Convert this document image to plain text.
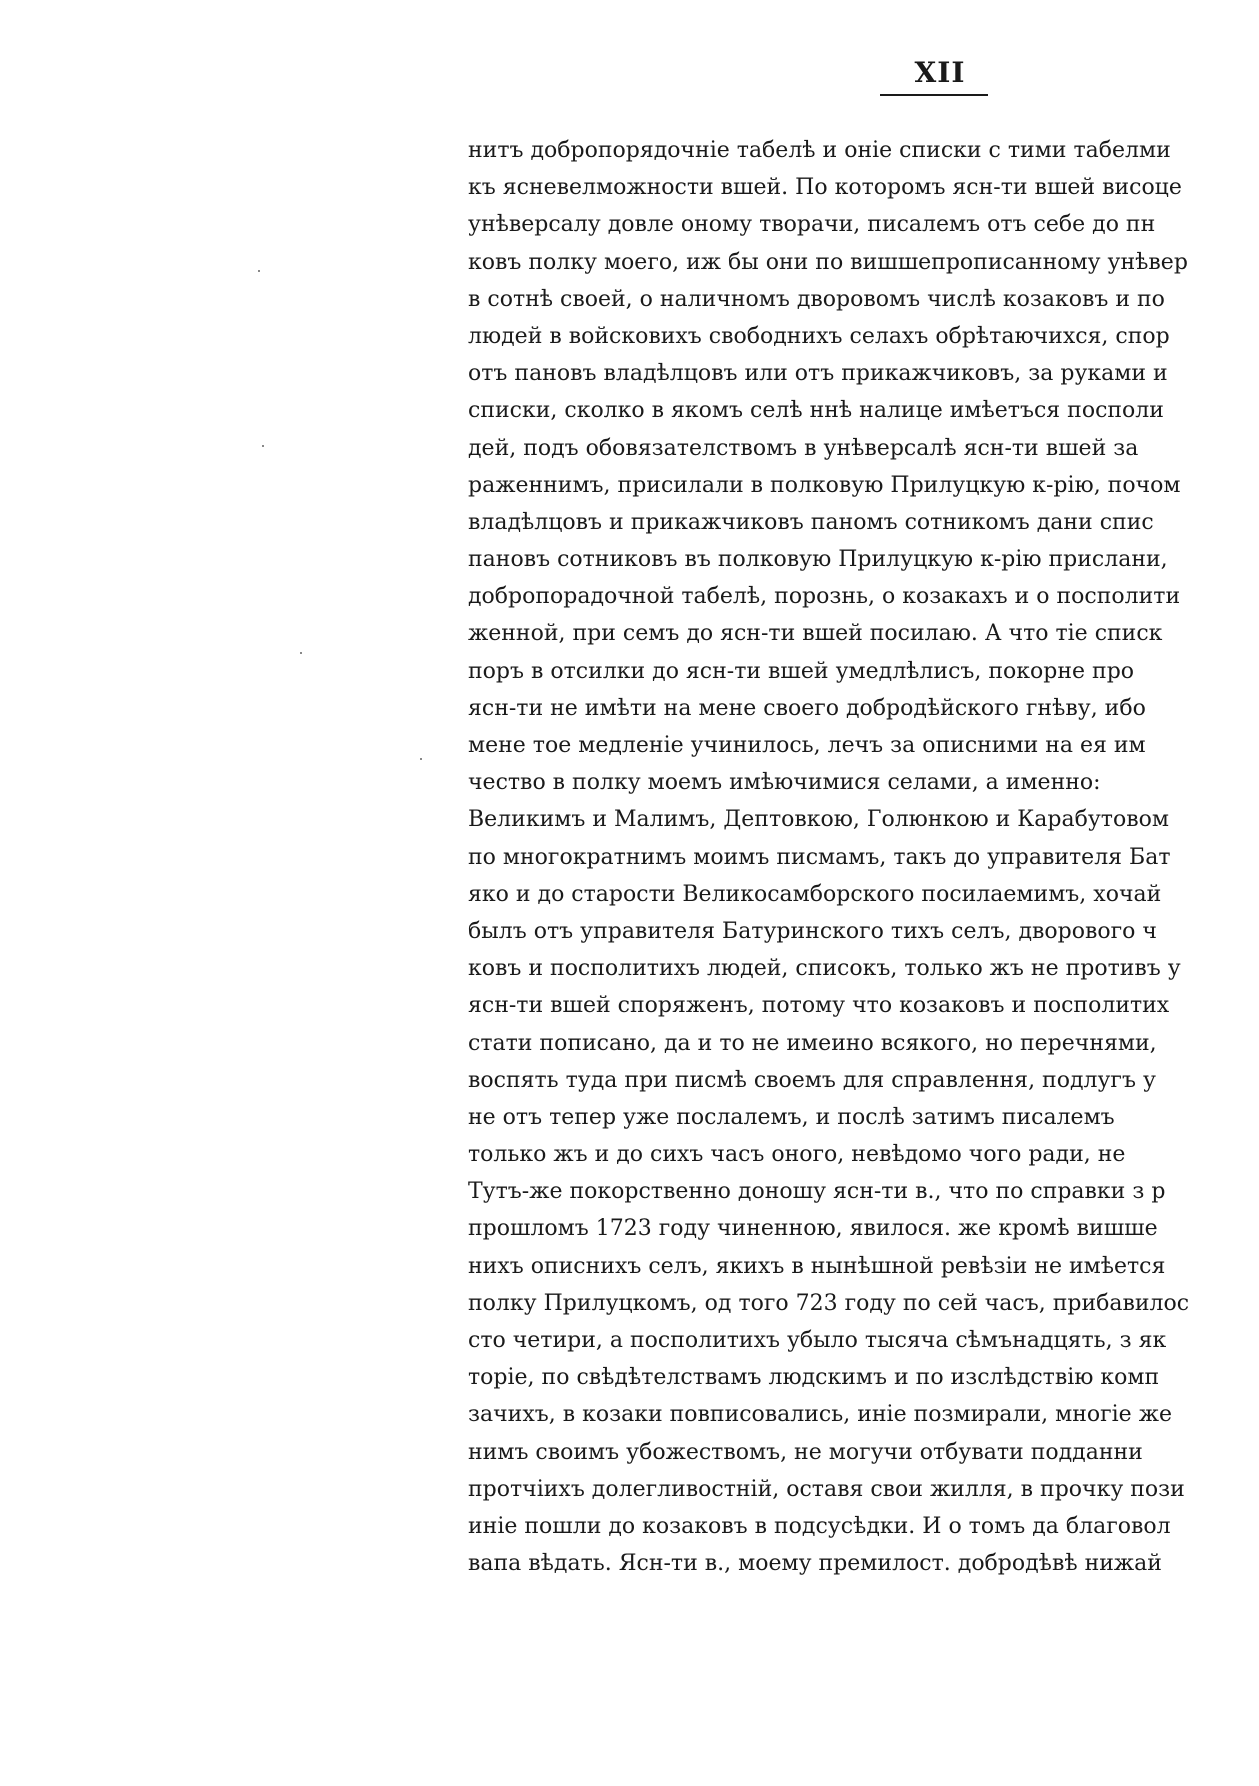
XII
нитъ добропорядочніе табелѣ и оніе списки с тими табелми
къ ясневелможности вшей. По которомъ ясн-ти вшей висоце
унѣверсалу довле оному творачи, писалемъ отъ себе до пн
ковъ полку моего, иж бы они по вишшепрописанному унѣвер
в сотнѣ своей, о наличномъ дворовомъ числѣ козаковъ и по
людей в войсковихъ свободнихъ селахъ обрѣтаючихся, спор
отъ пановъ владѣлцовъ или отъ прикажчиковъ, за руками и
списки, сколко в якомъ селѣ ннѣ налице имѣетъся посполи
дей, подъ обовязателствомъ в унѣверсалѣ ясн-ти вшей за
раженнимъ, присилали в полковую Прилуцкую к-рію, почом
владѣлцовъ и прикажчиковъ паномъ сотникомъ дани спис
пановъ сотниковъ въ полковую Прилуцкую к-рію прислани,
добропорадочной табелѣ, порознь, о козакахъ и о посполити
женной, при семъ до ясн-ти вшей посилаю. А что тіе списк
поръ в отсилки до ясн-ти вшей умедлѣлисъ, покорне про
ясн-ти не имѣти на мене своего добродѣйского гнѣву, ибо
мене тое медленіе учинилось, лечъ за описними на ея им
чество в полку моемъ имѣючимися селами, а именно:
Великимъ и Малимъ, Дептовкою, Голюнкою и Карабутовом
по многократнимъ моимъ писмамъ, такъ до управителя Бат
яко и до старости Великосамборского посилаемимъ, хочай
былъ отъ управителя Батуринского тихъ селъ, дворового ч
ковъ и посполитихъ людей, списокъ, только жъ не противъ у
ясн-ти вшей споряженъ, потому что козаковъ и посполитих
стати пописано, да и то не имеино всякого, но перечнями,
воспять туда при писмѣ своемъ для справлення, подлугъ у
не отъ тепер уже послалемъ, и послѣ затимъ писалемъ
только жъ и до сихъ часъ оного, невѣдомо чого ради, не
Тутъ-же покорственно доношу ясн-ти в., что по справки з р
прошломъ 1723 году чиненною, явилося. же кромѣ вишше
нихъ описнихъ селъ, якихъ в нынѣшной ревѣзіи не имѣется
полку Прилуцкомъ, од того 723 году по сей часъ, прибавилос
сто четири, а посполитихъ убыло тысяча сѣмънадцять, з як
торіе, по свѣдѣтелствамъ людскимъ и по изслѣдствію комп
зачихъ, в козаки повписовались, иніе позмирали, многіе же
нимъ своимъ убожествомъ, не могучи отбувати подданни
протчіихъ долегливостній, оставя свои жилля, в прочку пози
иніе пошли до козаковъ в подсусѣдки. И о томъ да благовол
вапа вѣдать. Ясн-ти в., моему премилост. добродѣвѣ нижай
